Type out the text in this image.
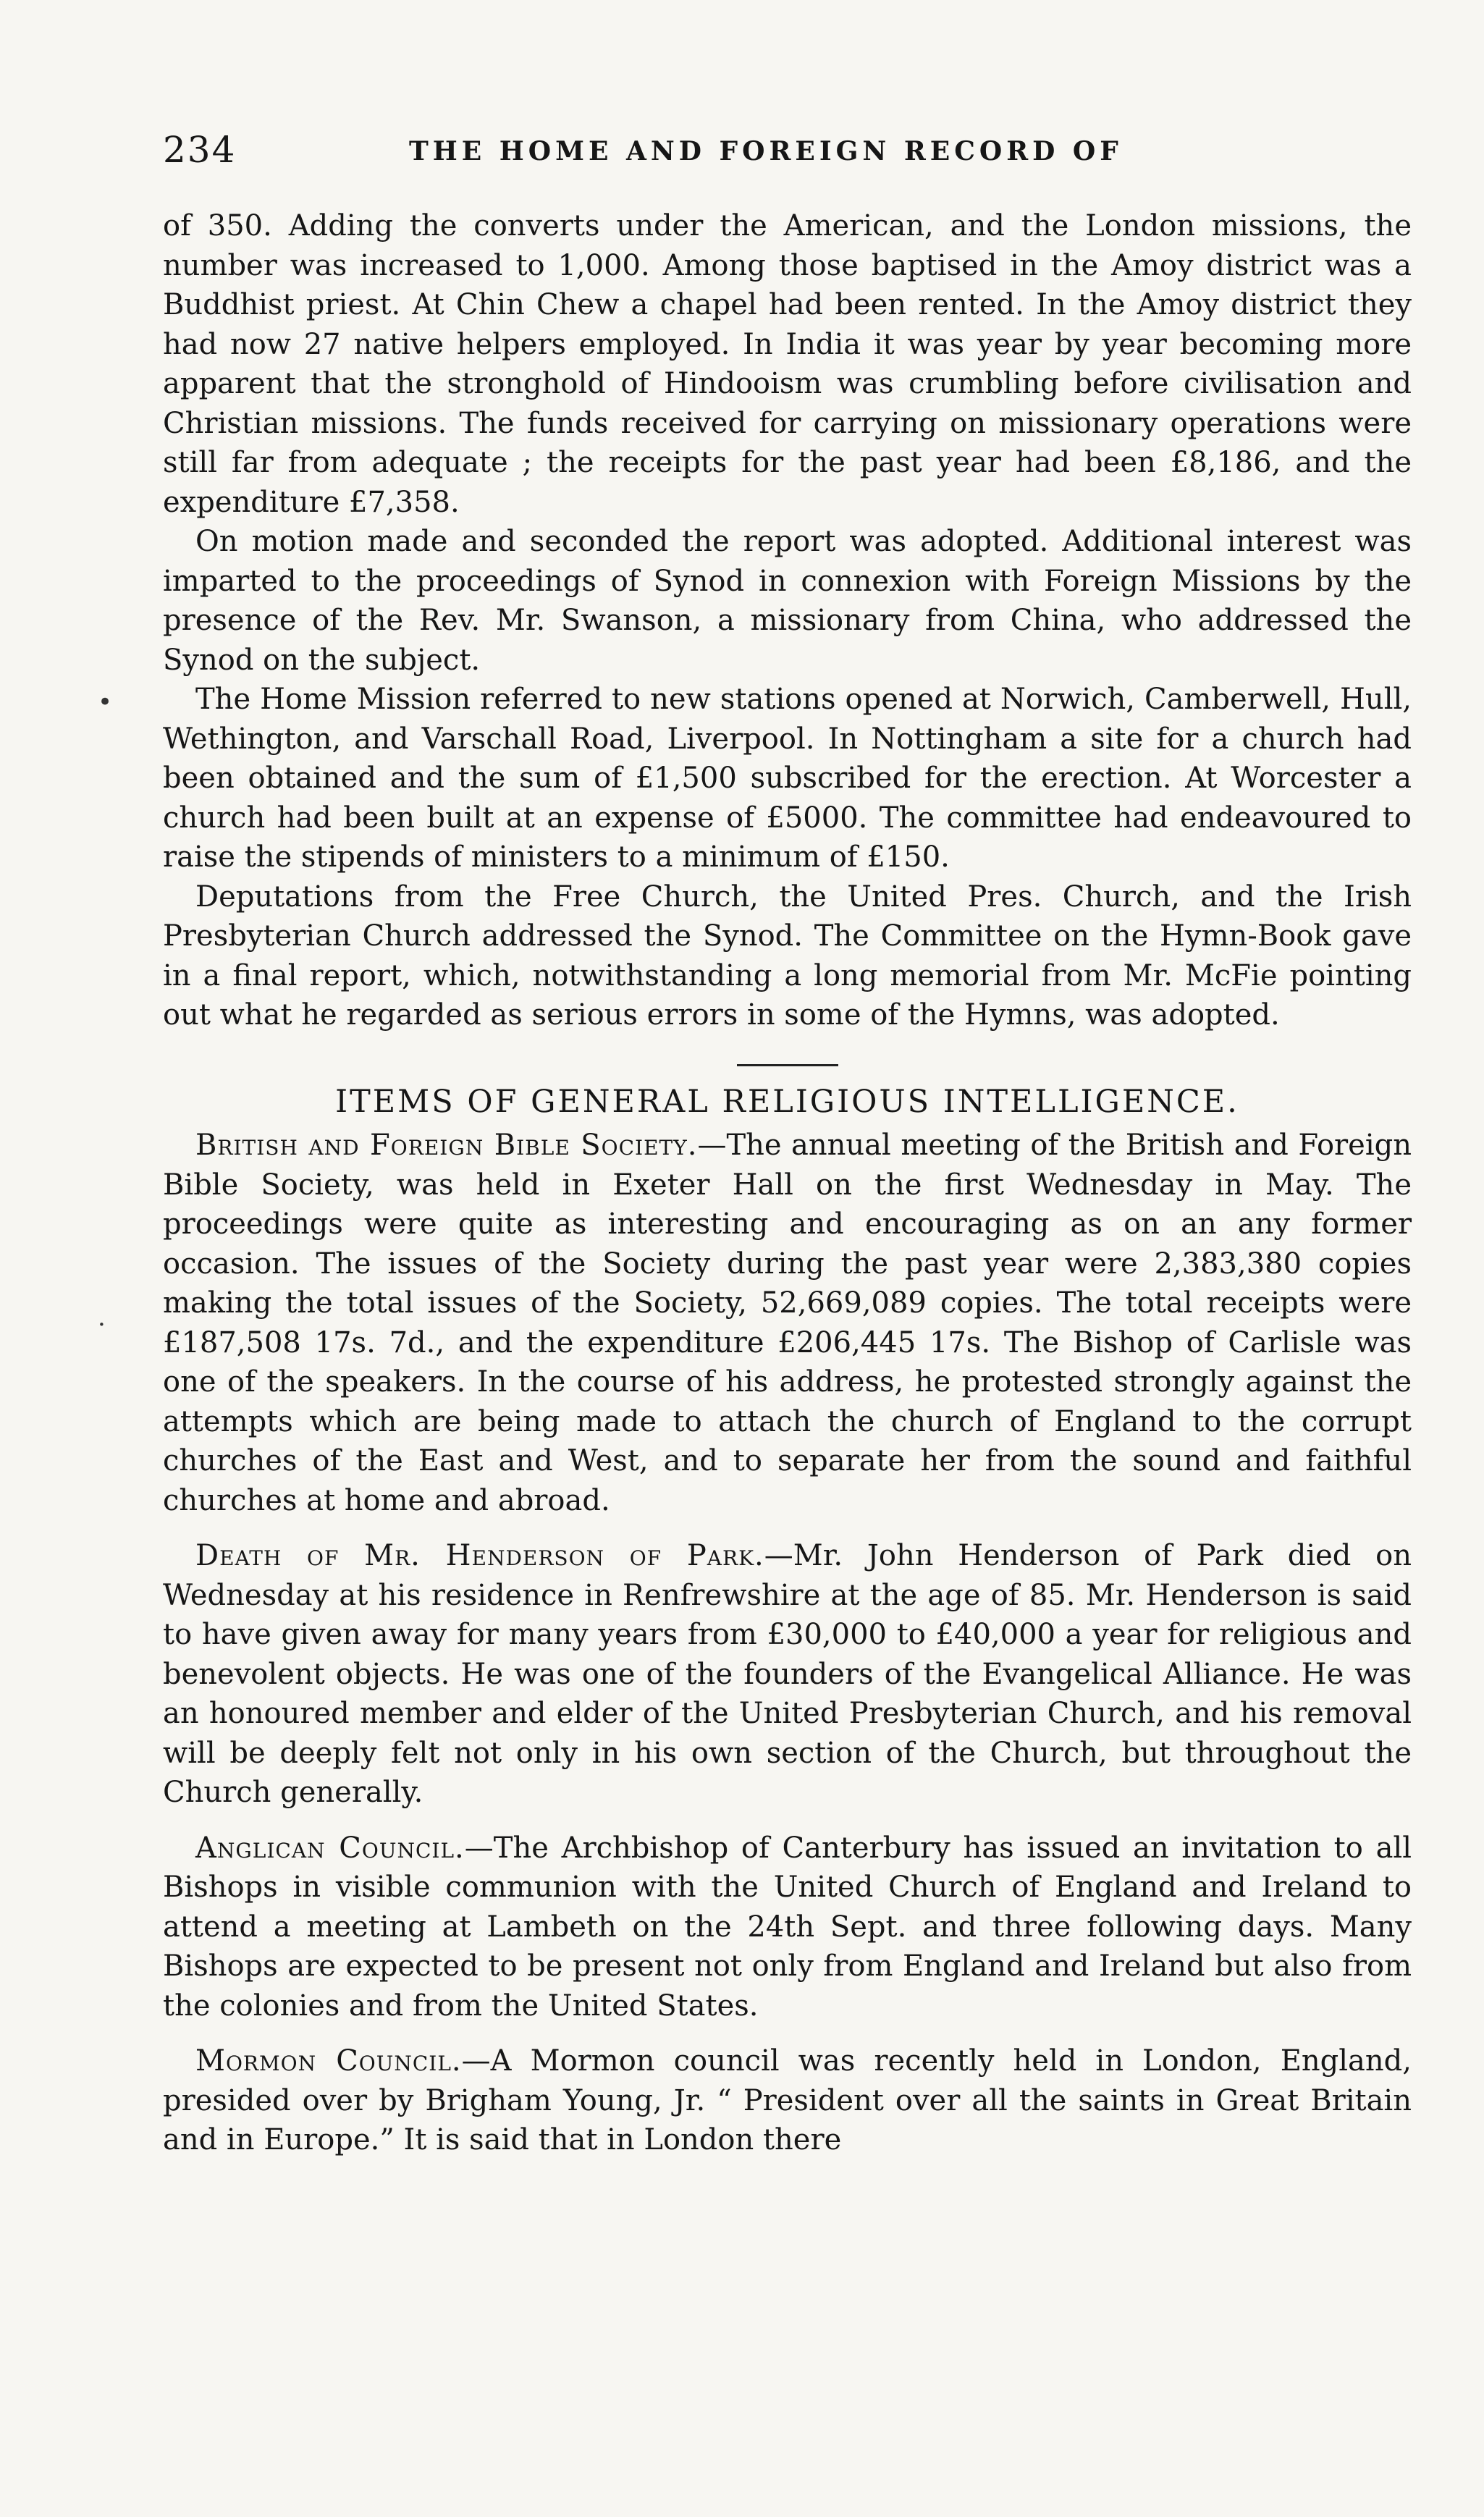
234	THE HOME AND FOREIGN RECORD OF
•
·

of 350. Adding the converts under the American, and the London missions, the number was increased to 1,000. Among those baptised in the Amoy district was a Buddhist priest. At Chin Chew a chapel had been rented. In the Amoy district they had now 27 native helpers employed. In India it was year by year becoming more apparent that the stronghold of Hindooism was crumbling before civilisation and Christian missions. The funds received for carrying on missionary operations were still far from adequate ; the receipts for the past year had been £8,186, and the expenditure £7,358.

On motion made and seconded the report was adopted. Additional interest was imparted to the proceedings of Synod in connexion with Foreign Missions by the presence of the Rev. Mr. Swanson, a missionary from China, who addressed the Synod on the subject.

The Home Mission referred to new stations opened at Norwich, Camberwell, Hull, Wethington, and Varschall Road, Liverpool. In Nottingham a site for a church had been obtained and the sum of £1,500 subscribed for the erection. At Worcester a church had been built at an expense of £5000. The committee had endeavoured to raise the stipends of ministers to a minimum of £150.

Deputations from the Free Church, the United Pres. Church, and the Irish Presbyterian Church addressed the Synod. The Committee on the Hymn-Book gave in a final report, which, notwithstanding a long memorial from Mr. McFie pointing out what he regarded as serious errors in some of the Hymns, was adopted.

ITEMS OF GENERAL RELIGIOUS INTELLIGENCE.

British and Foreign Bible Society.—The annual meeting of the British and Foreign Bible Society, was held in Exeter Hall on the first Wednesday in May. The proceedings were quite as interesting and encouraging as on an any former occasion. The issues of the Society during the past year were 2,383,380 copies making the total issues of the Society, 52,669,089 copies. The total receipts were £187,508 17s. 7d., and the expenditure £206,445 17s. The Bishop of Carlisle was one of the speakers. In the course of his address, he protested strongly against the attempts which are being made to attach the church of England to the corrupt churches of the East and West, and to separate her from the sound and faithful churches at home and abroad.

Death of Mr. Henderson of Park.—Mr. John Henderson of Park died on Wednesday at his residence in Renfrewshire at the age of 85. Mr. Henderson is said to have given away for many years from £30,000 to £40,000 a year for religious and benevolent objects. He was one of the founders of the Evangelical Alliance. He was an honoured member and elder of the United Presbyterian Church, and his removal will be deeply felt not only in his own section of the Church, but throughout the Church generally.

Anglican Council.—The Archbishop of Canterbury has issued an invitation to all Bishops in visible communion with the United Church of England and Ireland to attend a meeting at Lambeth on the 24th Sept. and three following days. Many Bishops are expected to be present not only from England and Ireland but also from the colonies and from the United States.

Mormon Council.—A Mormon council was recently held in London, England, presided over by Brigham Young, Jr. “ President over all the saints in Great Britain and in Europe.” It is said that in London there
